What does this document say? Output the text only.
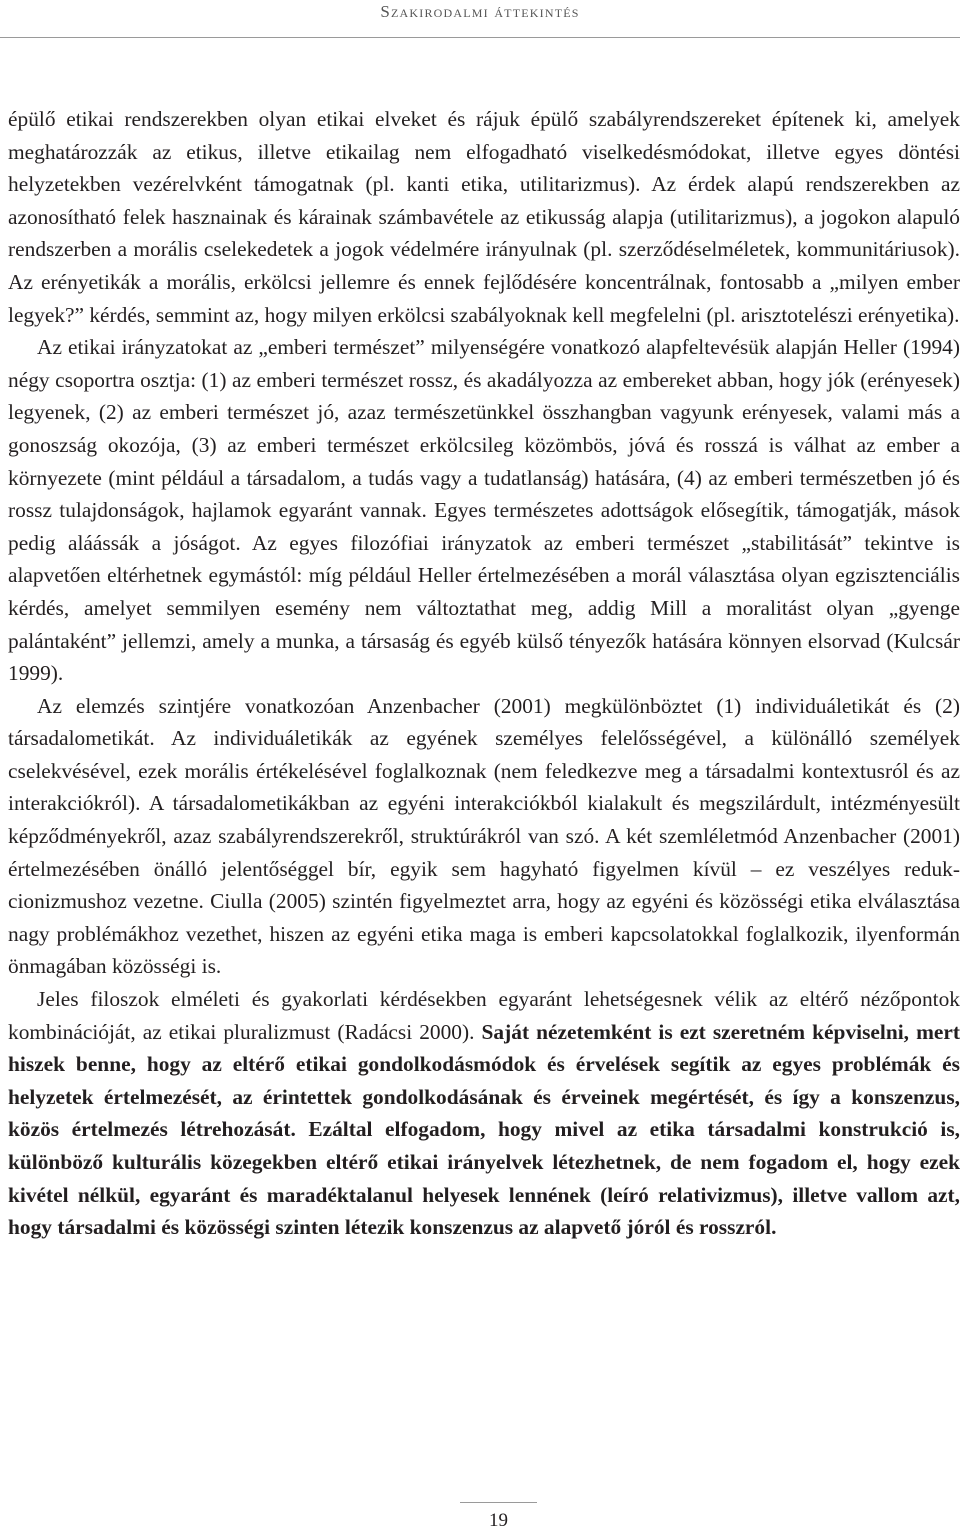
Szakirodalmi áttekintés

épülő etikai rendszerekben olyan etikai elveket és rájuk épülő szabályrendszereket építenek ki, amelyek meghatározzák az etikus, illetve etikailag nem elfogadható viselkedésmódokat, illetve egyes döntési helyzetekben vezérelvként támogatnak (pl. kanti etika, utilitarizmus). Az érdek alapú rendszerekben az azonosítható felek hasznainak és kárainak számbavétele az etikusság alapja (utilitarizmus), a jogokon alapuló rendszerben a morális cselekedetek a jogok védelmére irányulnak (pl. szerződéselméletek, kommunitáriusok). Az erényetikák a morális, erkölcsi jellemre és ennek fejlődésére koncentrálnak, fontosabb a „milyen ember legyek?” kérdés, semmint az, hogy milyen erkölcsi szabályoknak kell megfelelni (pl. arisztotelészi erényetika).

Az etikai irányzatokat az „emberi természet” milyenségére vonatkozó alapfeltevésük alapján Heller (1994) négy csoportra osztja: (1) az emberi természet rossz, és akadályozza az embereket abban, hogy jók (erényesek) legyenek, (2) az emberi természet jó, azaz természetünkkel összhangban vagyunk erényesek, valami más a gonoszság okozója, (3) az emberi természet erkölcsileg közömbös, jóvá és rosszá is válhat az ember a környezete (mint például a társadalom, a tudás vagy a tudatlanság) hatására, (4) az emberi természetben jó és rossz tulajdonságok, hajlamok egyaránt vannak. Egyes természetes adottságok elősegítik, támogatják, mások pedig aláássák a jóságot. Az egyes filozófiai irányzatok az emberi természet „stabilitását” tekintve is alapvetően eltérhetnek egymástól: míg például Heller értelmezésében a morál választása olyan egzisztenciális kérdés, amelyet semmilyen esemény nem változtathat meg, addig Mill a moralitást olyan „gyenge palántaként” jellemzi, amely a munka, a társaság és egyéb külső tényezők hatására könnyen elsorvad (Kulcsár 1999).

Az elemzés szintjére vonatkozóan Anzenbacher (2001) megkülönböztet (1) individuáletikát és (2) társadalometikát. Az individuáletikák az egyének személyes felelősségével, a különálló személyek cselekvésével, ezek morális értékelésével foglalkoznak (nem feledkezve meg a társadalmi kontextusról és az interakciókról). A társadalometikákban az egyéni interakciókból kialakult és megszilárdult, intézményesült képződményekről, azaz szabályrendszerekről, struktúrákról van szó. A két szemléletmód Anzenbacher (2001) értelmezésében önálló jelentőséggel bír, egyik sem hagyható figyelmen kívül – ez veszélyes redukcionizmushoz vezetne. Ciulla (2005) szintén figyelmeztet arra, hogy az egyéni és közösségi etika elválasztása nagy problémákhoz vezethet, hiszen az egyéni etika maga is emberi kapcsolatokkal foglalkozik, ilyenformán önmagában közösségi is.

Jeles filoszok elméleti és gyakorlati kérdésekben egyaránt lehetségesnek vélik az eltérő nézőpontok kombinációját, az etikai pluralizmust (Radácsi 2000). Saját nézetemként is ezt szeretném képviselni, mert hiszek benne, hogy az eltérő etikai gondolkodásmódok és érvelések segítik az egyes problémák és helyzetek értelmezését, az érintettek gondolkodásának és érveinek megértését, és így a konszenzus, közös értelmezés létrehozását. Ezáltal elfogadom, hogy mivel az etika társadalmi konstrukció is, különböző kulturális közegekben eltérő etikai irányelvek létezhetnek, de nem fogadom el, hogy ezek kivétel nélkül, egyaránt és maradéktalanul helyesek lennének (leíró relativizmus), illetve vallom azt, hogy társadalmi és közösségi szinten létezik konszenzus az alapvető jóról és rosszról.

19
